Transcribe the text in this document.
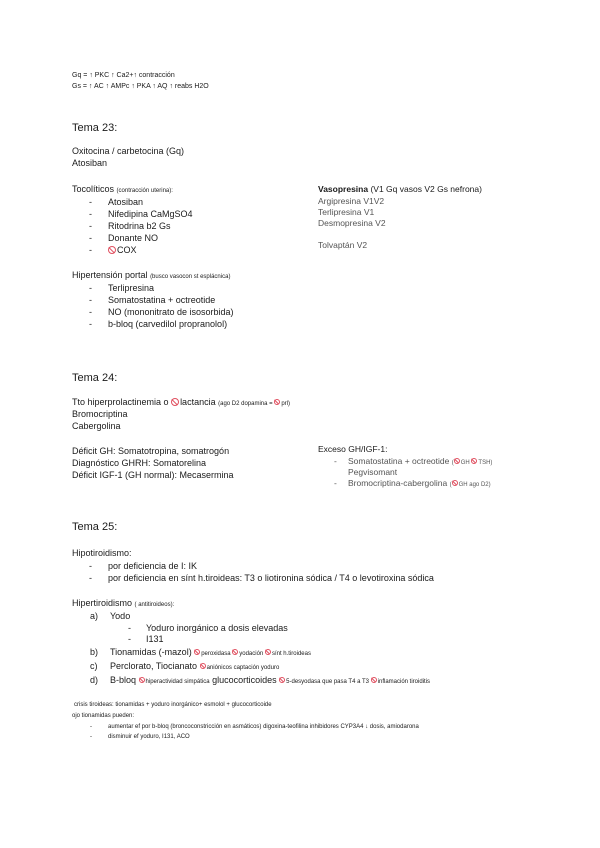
Gq = ↑ PKC ↑ Ca2+↑ contracción
Gs = ↑ AC ↑ AMPc ↑ PKA ↑ AQ ↑ reabs H2O
Tema 23:
Oxitocina / carbetocina (Gq)
Atosiban
Tocolíticos (contracción uterina):
- Atosiban
- Nifedipina CaMgSO4
- Ritodrina b2 Gs
- Donante NO
- COX
Vasopresina (V1 Gq vasos V2 Gs nefrona)
Argipresina V1V2
Terlipresina V1
Desmopresina V2
Tolvaptán V2
Hipertensión portal (busco vasocon st esplácnica)
- Terlipresina
- Somatostatina + octreotide
- NO (mononitrato de isosorbida)
- b-bloq (carvedilol propranolol)
Tema 24:
Tto hiperprolactinemia o lactancia (ago D2 dopamina = prl)
Bromocriptina
Cabergolina
Déficit GH: Somatotropina, somatrogón
Diagnóstico GHRH: Somatorelina
Déficit IGF-1 (GH normal): Mecasermina
Exceso GH/IGF-1:
- Somatostatina + octreotide ( GH TSH)
Pegvisomant
- Bromocriptina-cabergolina ( GH ago D2)
Tema 25:
Hipotiroidismo:
- por deficiencia de I: IK
- por deficiencia en sínt h.tiroideas: T3 o liotironina sódica / T4 o levotiroxina sódica
Hipertiroidismo ( antitiroideos):
a) Yodo
- Yoduro inorgánico a dosis elevadas
- I131
b) Tionamidas (-mazol) peroxidasa yodación sínt h.tiroideas
c) Perclorato, Tiocianato aniónicos captación yoduro
d) B-bloq hiperactividad simpática glucocorticoides 5-desyodasa que pasa T4 a T3 inflamación tiroiditis
crisis tiroideas: tionamidas + yoduro inorgánico+ esmolol + glucocorticoide
ojo tionamidas pueden:
-	aumentar ef por b-bloq (broncoconstricción en asmáticos) digoxina-teofilina inhibidores CYP3A4 ↓ dosis, amiodarona
-	disminuir ef yoduro, I131, ACO
